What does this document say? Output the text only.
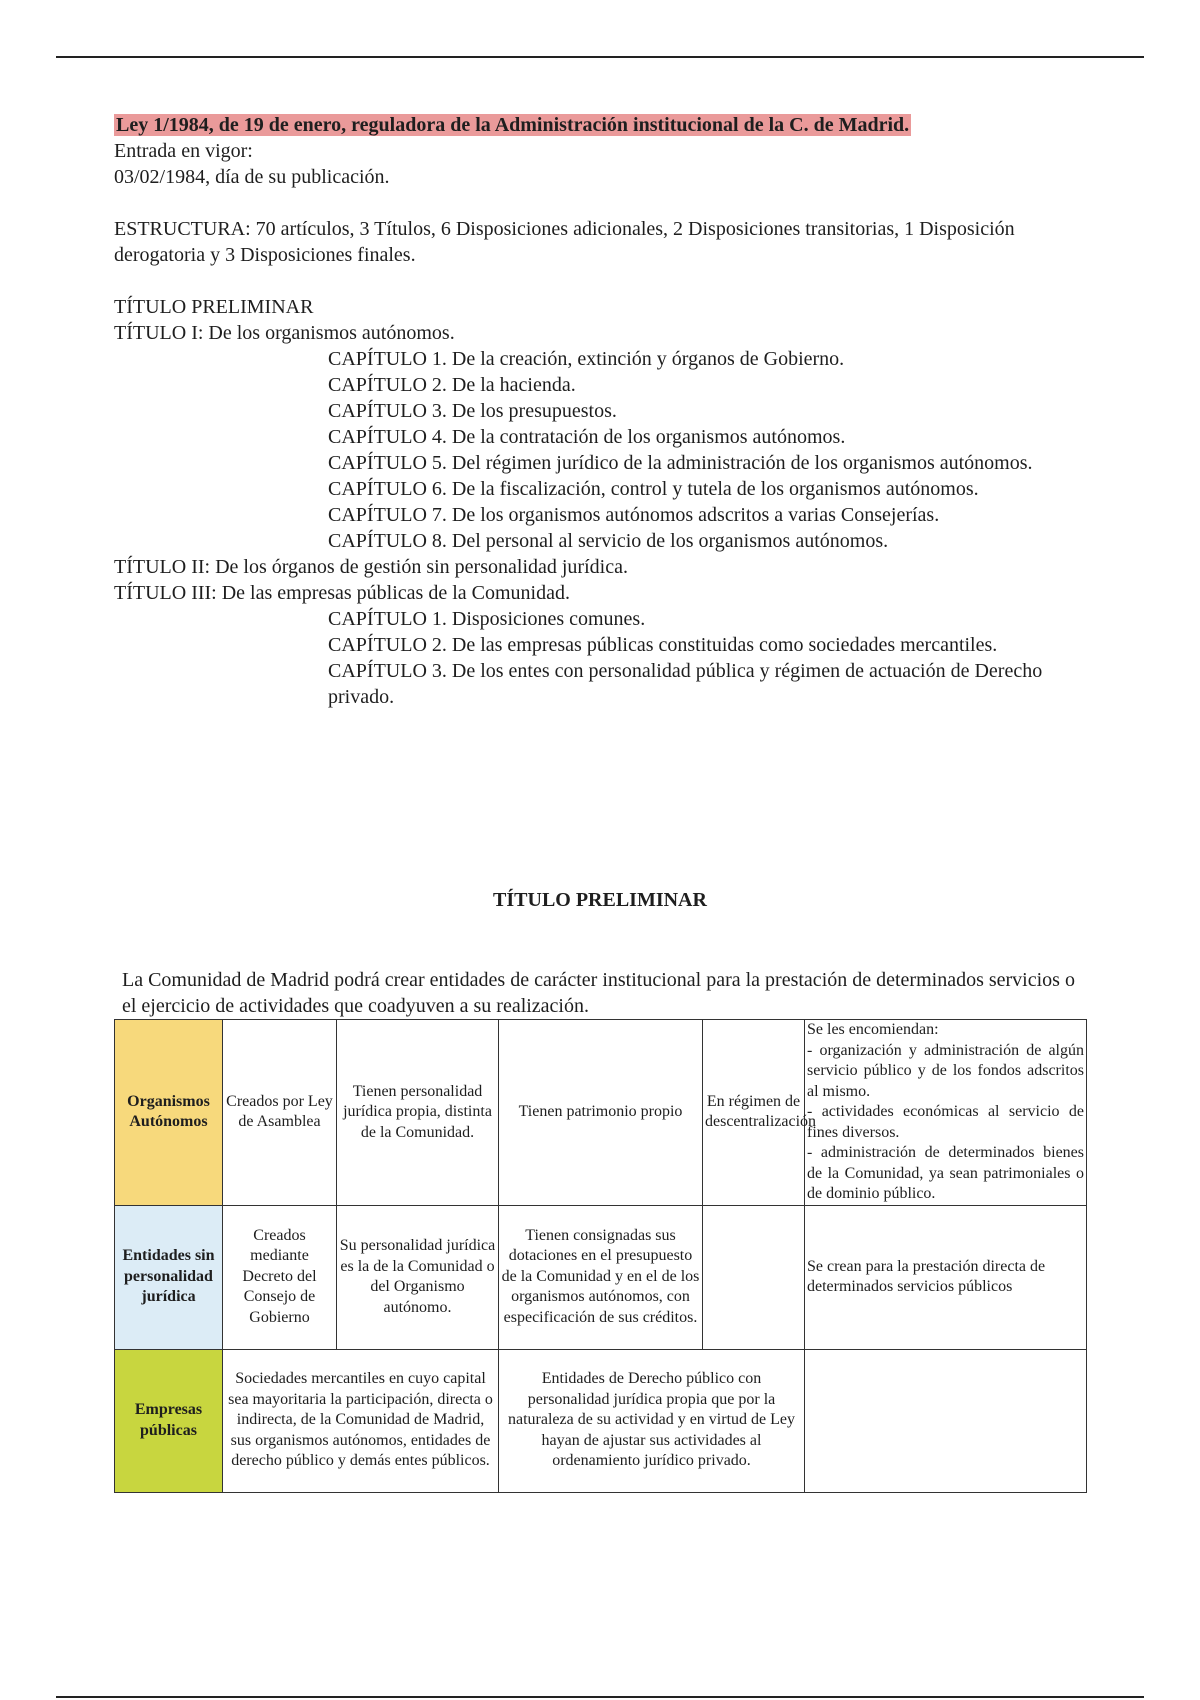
Ley 1/1984, de 19 de enero, reguladora de la Administración institucional de la C. de Madrid.

Entrada en vigor:

03/02/1984, día de su publicación.

ESTRUCTURA: 70 artículos, 3 Títulos, 6 Disposiciones adicionales, 2 Disposiciones transitorias, 1 Disposición derogatoria y 3 Disposiciones finales.

TÍTULO PRELIMINAR

TÍTULO I: De los organismos autónomos.

CAPÍTULO 1. De la creación, extinción y órganos de Gobierno.

CAPÍTULO 2. De la hacienda.

CAPÍTULO 3. De los presupuestos.

CAPÍTULO 4. De la contratación de los organismos autónomos.

CAPÍTULO 5. Del régimen jurídico de la administración de los organismos autónomos.

CAPÍTULO 6. De la fiscalización, control y tutela de los organismos autónomos.

CAPÍTULO 7. De los organismos autónomos adscritos a varias Consejerías.

CAPÍTULO 8. Del personal al servicio de los organismos autónomos.

TÍTULO II: De los órganos de gestión sin personalidad jurídica.

TÍTULO III: De las empresas públicas de la Comunidad.

CAPÍTULO 1. Disposiciones comunes.

CAPÍTULO 2. De las empresas públicas constituidas como sociedades mercantiles.

CAPÍTULO 3. De los entes con personalidad pública y régimen de actuación de Derecho privado.

TÍTULO PRELIMINAR

La Comunidad de Madrid podrá crear entidades de carácter institucional para la prestación de determinados servicios o el ejercicio de actividades que coadyuven a su realización.

Organismos Autónomos	Creados por Ley de Asamblea	Tienen personalidad jurídica propia, distinta de la Comunidad.	Tienen patrimonio propio	En régimen de descentralización	Se les encomiendan:
- organización y administración de algún servicio público y de los fondos adscritos al mismo.
- actividades económicas al servicio de fines diversos.
- administración de determinados bienes de la Comunidad, ya sean patrimoniales o de dominio público.

Entidades sin personalidad jurídica	Creados mediante Decreto del Consejo de Gobierno	Su personalidad jurídica es la de la Comunidad o del Organismo autónomo.	Tienen consignadas sus dotaciones en el presupuesto de la Comunidad y en el de los organismos autónomos, con especificación de sus créditos.		Se crean para la prestación directa de determinados servicios públicos
Empresas públicas	Sociedades mercantiles en cuyo capital sea mayoritaria la participación, directa o indirecta, de la Comunidad de Madrid, sus organismos autónomos, entidades de derecho público y demás entes públicos.		Entidades de Derecho público con personalidad jurídica propia que por la naturaleza de su actividad y en virtud de Ley hayan de ajustar sus actividades al ordenamiento jurídico privado.		
